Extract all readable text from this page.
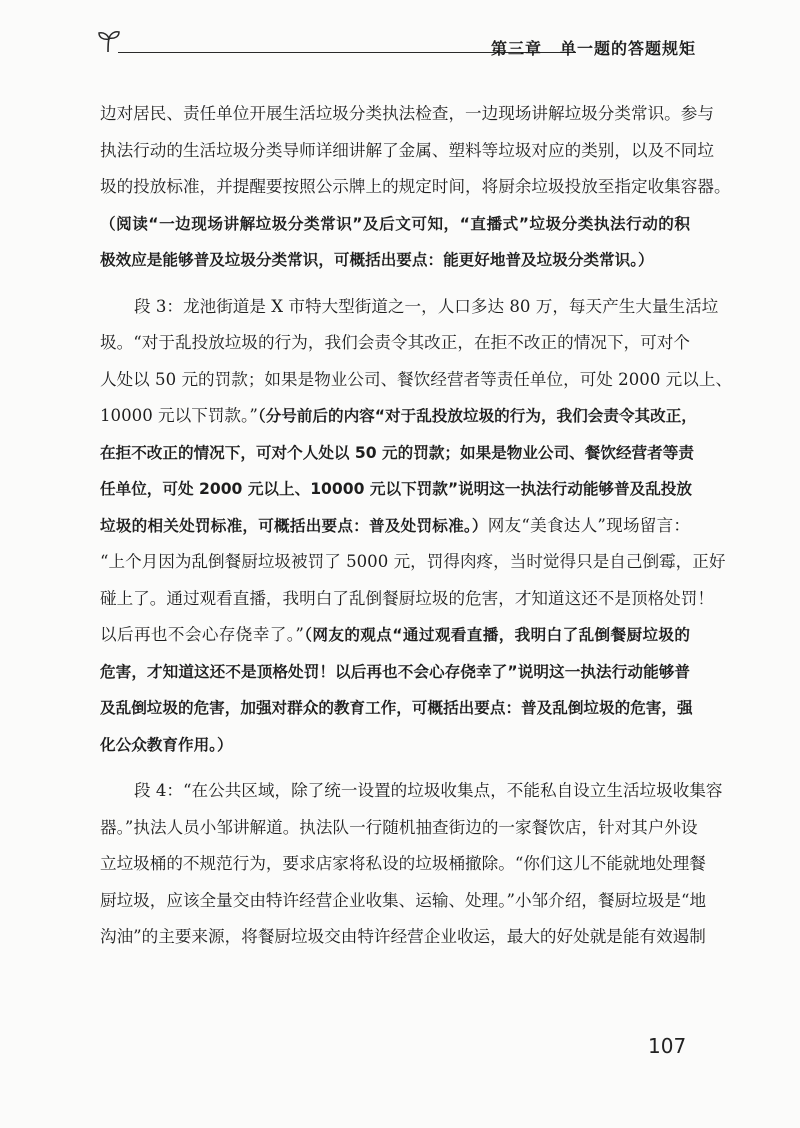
第三章 单一题的答题规矩
边对居民、责任单位开展生活垃圾分类执法检查，一边现场讲解垃圾分类常识。参与
执法行动的生活垃圾分类导师详细讲解了金属、塑料等垃圾对应的类别，以及不同垃
圾的投放标准，并提醒要按照公示牌上的规定时间，将厨余垃圾投放至指定收集容器。
（阅读“一边现场讲解垃圾分类常识”及后文可知，“直播式”垃圾分类执法行动的积
极效应是能够普及垃圾分类常识，可概括出要点：能更好地普及垃圾分类常识。）
段 3：龙池街道是 X 市特大型街道之一，人口多达 80 万，每天产生大量生活垃
圾。“对于乱投放垃圾的行为，我们会责令其改正，在拒不改正的情况下，可对个
人处以 50 元的罚款；如果是物业公司、餐饮经营者等责任单位，可处 2000 元以上、
10000 元以下罚款。”（分号前后的内容“对于乱投放垃圾的行为，我们会责令其改正，
在拒不改正的情况下，可对个人处以 50 元的罚款；如果是物业公司、餐饮经营者等责
任单位，可处 2000 元以上、10000 元以下罚款”说明这一执法行动能够普及乱投放
垃圾的相关处罚标准，可概括出要点：普及处罚标准。）网友“美食达人”现场留言：
“上个月因为乱倒餐厨垃圾被罚了 5000 元，罚得肉疼，当时觉得只是自己倒霉，正好
碰上了。通过观看直播，我明白了乱倒餐厨垃圾的危害，才知道这还不是顶格处罚！
以后再也不会心存侥幸了。”（网友的观点“通过观看直播，我明白了乱倒餐厨垃圾的
危害，才知道这还不是顶格处罚！以后再也不会心存侥幸了”说明这一执法行动能够普
及乱倒垃圾的危害，加强对群众的教育工作，可概括出要点：普及乱倒垃圾的危害，强
化公众教育作用。）
段 4：“在公共区域，除了统一设置的垃圾收集点，不能私自设立生活垃圾收集容
器。”执法人员小邹讲解道。执法队一行随机抽查街边的一家餐饮店，针对其户外设
立垃圾桶的不规范行为，要求店家将私设的垃圾桶撤除。“你们这儿不能就地处理餐
厨垃圾，应该全量交由特许经营企业收集、运输、处理。”小邹介绍，餐厨垃圾是“地
沟油”的主要来源，将餐厨垃圾交由特许经营企业收运，最大的好处就是能有效遏制
107
